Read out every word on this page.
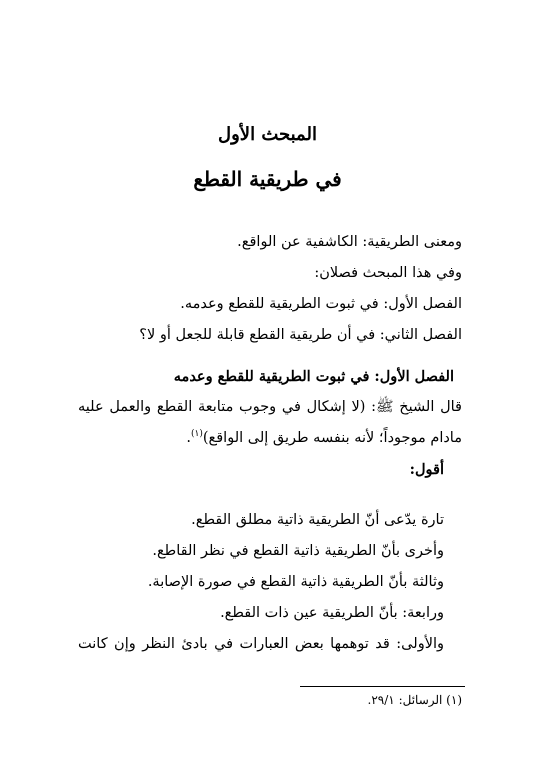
المبحث الأول
في طريقية القطع
ومعنى الطريقية: الكاشفية عن الواقع.
وفي هذا المبحث فصلان:
الفصل الأول: في ثبوت الطريقية للقطع وعدمه.
الفصل الثاني: في أن طريقية القطع قابلة للجعل أو لا؟
الفصل الأول: في ثبوت الطريقية للقطع وعدمه
قال الشيخ ﷺ: (لا إشكال في وجوب متابعة القطع والعمل عليه
مادام موجوداً؛ لأنه بنفسه طريق إلى الواقع)$^{(١)}$.
أقول:
تارة يدّعى أنّ الطريقية ذاتية مطلق القطع.
وأخرى بأنّ الطريقية ذاتية القطع في نظر القاطع.
وثالثة بأنّ الطريقية ذاتية القطع في صورة الإصابة.
ورابعة: بأنّ الطريقية عين ذات القطع.
والأولى: قد توهمها بعض العبارات في بادئ النظر وإن كانت
(١) الرسائل: ٢٩/١.
